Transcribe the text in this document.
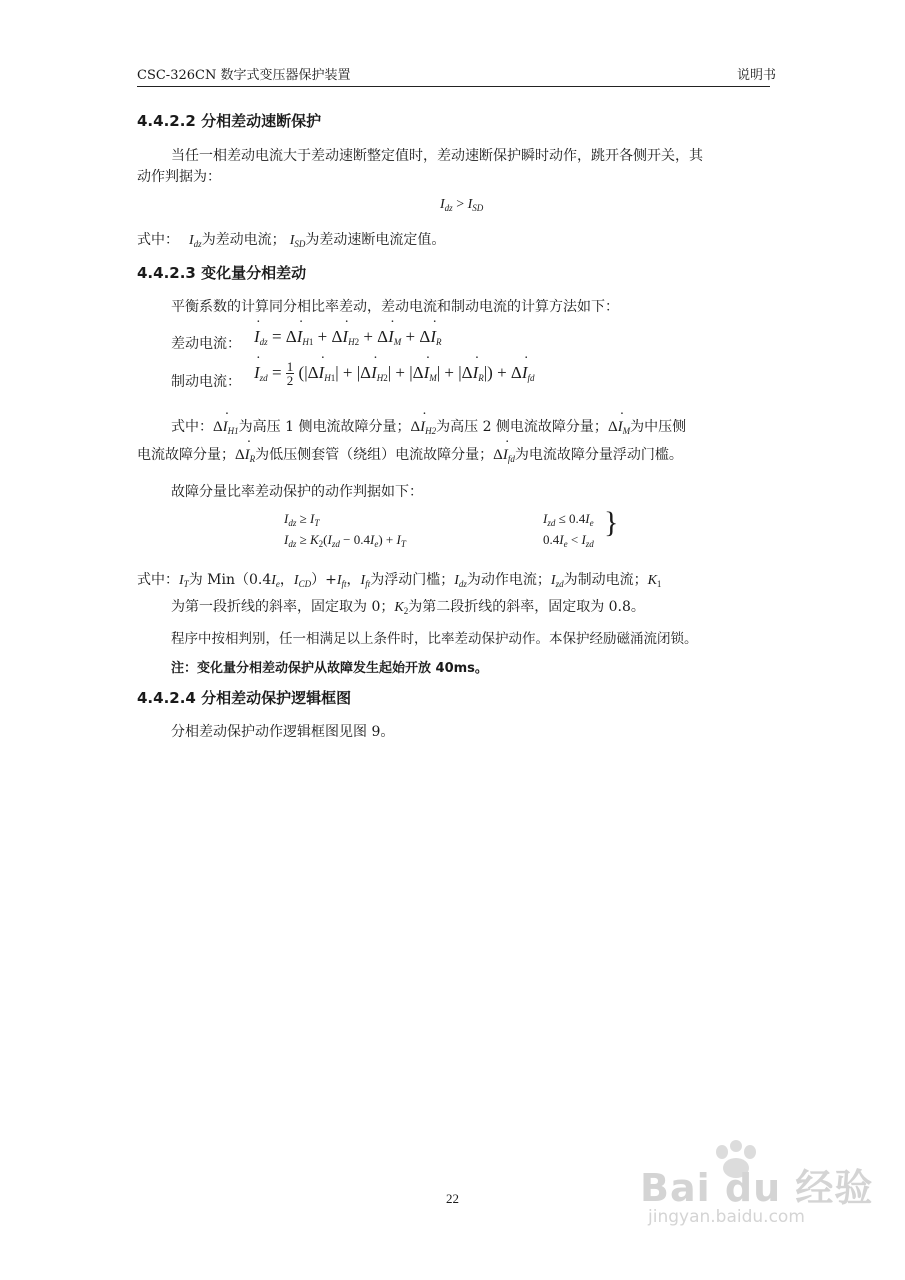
CSC-326CN 数字式变压器保护装置	说明书
4.4.2.2 分相差动速断保护
当任一相差动电流大于差动速断整定值时，差动速断保护瞬时动作，跳开各侧开关，其
动作判据为：
$I_{dz} > I_{SD}$
式中： $I_{dz}$为差动电流； $I_{SD}$为差动速断电流定值。
4.4.2.3 变化量分相差动
平衡系数的计算同分相比率差动，差动电流和制动电流的计算方法如下：
差动电流： · $I_{dz} = \Delta\cdot I_H1 + \Delta\cdot I_H2 + \Delta\cdot I_M + \Delta\cdot I_R$
制动电流： · $I_{zd} = \frac{1}{2} (|\Delta\cdot I_H1| + |\Delta\cdot I_H2| + |\Delta\cdot I_M| + |\Delta\cdot I_R|) + \Delta\cdot I_{fd}$
式中：$\Delta\cdot I_{H1}$为高压 1 侧电流故障分量；$\Delta\cdot I_{H2}$为高压 2 侧电流故障分量；$\Delta\cdot I_M$为中压侧
电流故障分量；$\Delta\cdot I_R$为低压侧套管（绕组）电流故障分量；$\Delta\cdot I_{fd}$为电流故障分量浮动门槛。
故障分量比率差动保护的动作判据如下：
$I_{dz} \ge I_T$	$I_{zd} \le 0.4I_e$
$I_{dz} \ge K_2(I_{zd} - 0.4I_e) + I_T$	$0.4I_e < I_{zd}$
}
式中：$I_T$为 $Min(0.4I_e$，$I_{CD})+I_{ft}$，$I_{ft}$为浮动门槛；$I_{dz}$为动作电流；$I_{zd}$为制动电流；$K_1$
为第一段折线的斜率，固定取为 0；$K_2$为第二段折线的斜率，固定取为 0.8。
程序中按相判别，任一相满足以上条件时，比率差动保护动作。本保护经励磁涌流闭锁。
注：变化量分相差动保护从故障发生起始开放 40ms。
4.4.2.4 分相差动保护逻辑框图
分相差动保护动作逻辑框图见图 9。
22	Bai du 经验
jingyan.baidu.com
